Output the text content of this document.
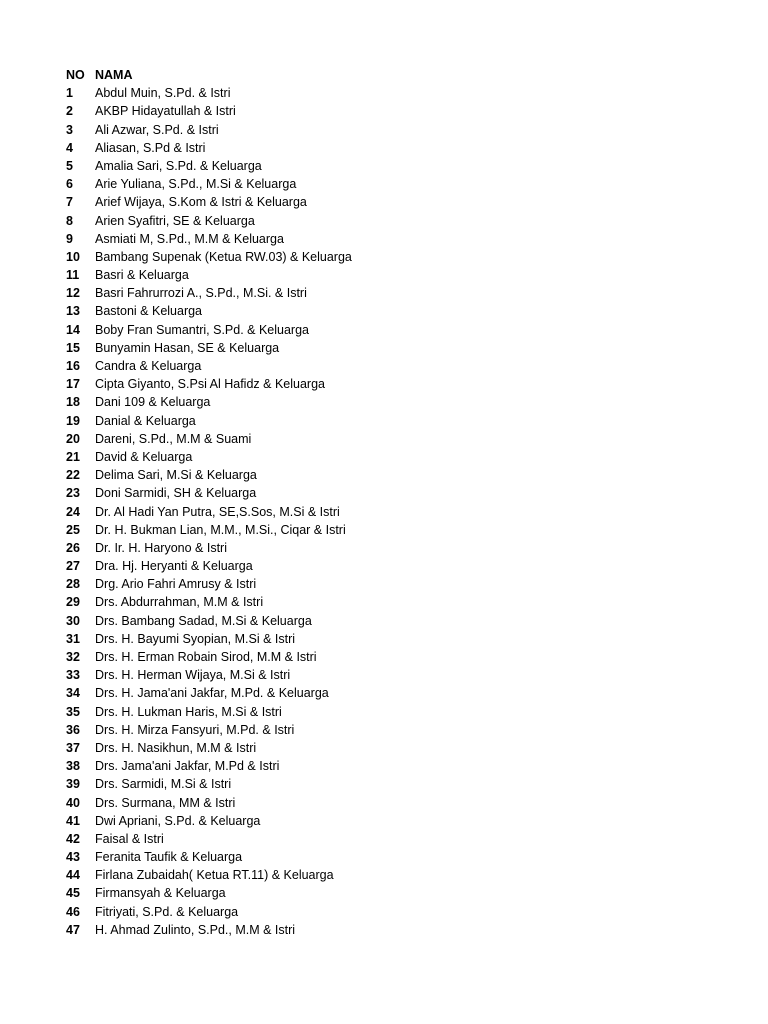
NO NAMA
1	Abdul Muin, S.Pd. & Istri
2	AKBP Hidayatullah & Istri
3	Ali Azwar, S.Pd. & Istri
4	Aliasan, S.Pd & Istri
5	Amalia Sari, S.Pd. & Keluarga
6	Arie Yuliana, S.Pd., M.Si & Keluarga
7	Arief Wijaya, S.Kom & Istri & Keluarga
8	Arien Syafitri, SE & Keluarga
9	Asmiati M, S.Pd., M.M & Keluarga
10	Bambang Supenak (Ketua RW.03) & Keluarga
11	Basri & Keluarga
12	Basri Fahrurrozi A., S.Pd., M.Si. & Istri
13	Bastoni & Keluarga
14	Boby Fran Sumantri, S.Pd. & Keluarga
15	Bunyamin Hasan, SE & Keluarga
16	Candra & Keluarga
17	Cipta Giyanto, S.Psi Al Hafidz & Keluarga
18	Dani 109 & Keluarga
19	Danial & Keluarga
20	Dareni, S.Pd., M.M & Suami
21	David & Keluarga
22	Delima Sari, M.Si & Keluarga
23	Doni Sarmidi, SH & Keluarga
24	Dr. Al Hadi Yan Putra, SE,S.Sos, M.Si & Istri
25	Dr. H. Bukman Lian, M.M., M.Si., Ciqar & Istri
26	Dr. Ir. H. Haryono & Istri
27	Dra. Hj. Heryanti & Keluarga
28	Drg. Ario Fahri Amrusy & Istri
29	Drs. Abdurrahman, M.M & Istri
30	Drs. Bambang Sadad, M.Si & Keluarga
31	Drs. H. Bayumi Syopian, M.Si & Istri
32	Drs. H. Erman Robain Sirod, M.M & Istri
33	Drs. H. Herman Wijaya, M.Si & Istri
34	Drs. H. Jama'ani Jakfar, M.Pd. & Keluarga
35	Drs. H. Lukman Haris, M.Si & Istri
36	Drs. H. Mirza Fansyuri, M.Pd. & Istri
37	Drs. H. Nasikhun, M.M & Istri
38	Drs. Jama'ani Jakfar, M.Pd & Istri
39	Drs. Sarmidi, M.Si & Istri
40	Drs. Surmana, MM & Istri
41	Dwi Apriani, S.Pd. & Keluarga
42	Faisal & Istri
43	Feranita Taufik & Keluarga
44	Firlana Zubaidah( Ketua RT.11) & Keluarga
45	Firmansyah & Keluarga
46	Fitriyati, S.Pd. & Keluarga
47	H. Ahmad Zulinto, S.Pd., M.M & Istri
